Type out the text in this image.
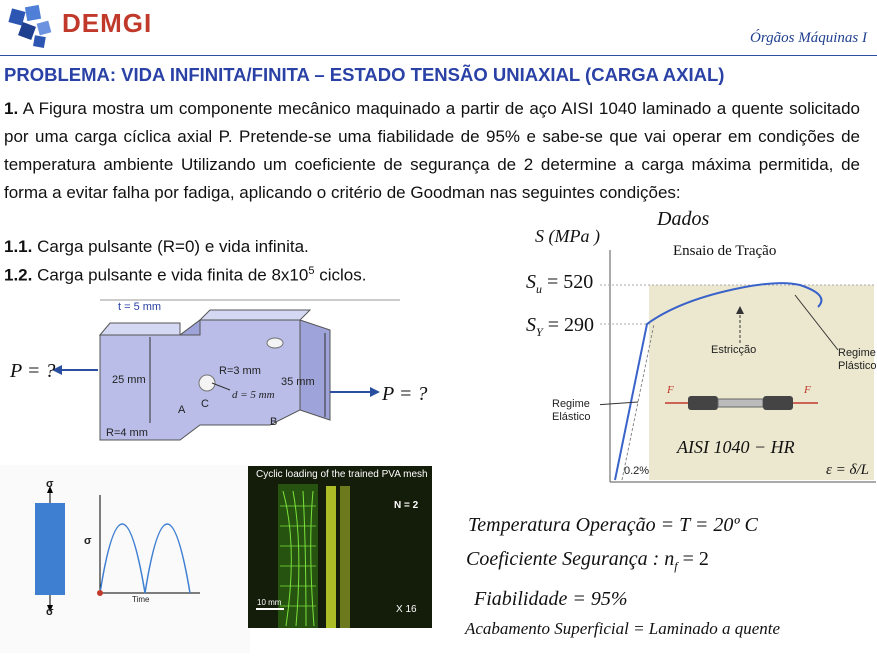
DEMGI	Órgãos Máquinas I
PROBLEMA: VIDA INFINITA/FINITA – ESTADO TENSÃO UNIAXIAL (CARGA AXIAL)
1. A Figura mostra um componente mecânico maquinado a partir de aço AISI 1040 laminado a quente solicitado por uma carga cíclica axial P. Pretende-se uma fiabilidade de 95% e sabe-se que vai operar em condições de temperatura ambiente Utilizando um coeficiente de segurança de 2 determine a carga máxima permitida, de forma a evitar falha por fadiga, aplicando o critério de Goodman nas seguintes condições:
1.1. Carga pulsante (R=0) e vida infinita.
1.2. Carga pulsante e vida finita de $8x10^5$ ciclos.
t = 5 mm
P = ?
P = ?
25 mm	35 mm
R=3 mm
d = 5 mm
R=4 mm
A
B
C
Dados
S (MPa )
$S_u = 520$
$S_Y = 290$
Ensaio de Tração
Estricção	Regime
Plástico
Regime
Elástico
F	F
AISI 1040 − HR
0.2%	ε = δ/L
Temperatura Operação = T = 20º C
Coeficiente Segurança : $n_f = 2$
Fiabilidade = 95%
Acabamento Superficial = Laminado a quente
σ
σ
σ
Time
Cyclic loading of the trained PVA mesh
N = 2
10 mm
X 16
